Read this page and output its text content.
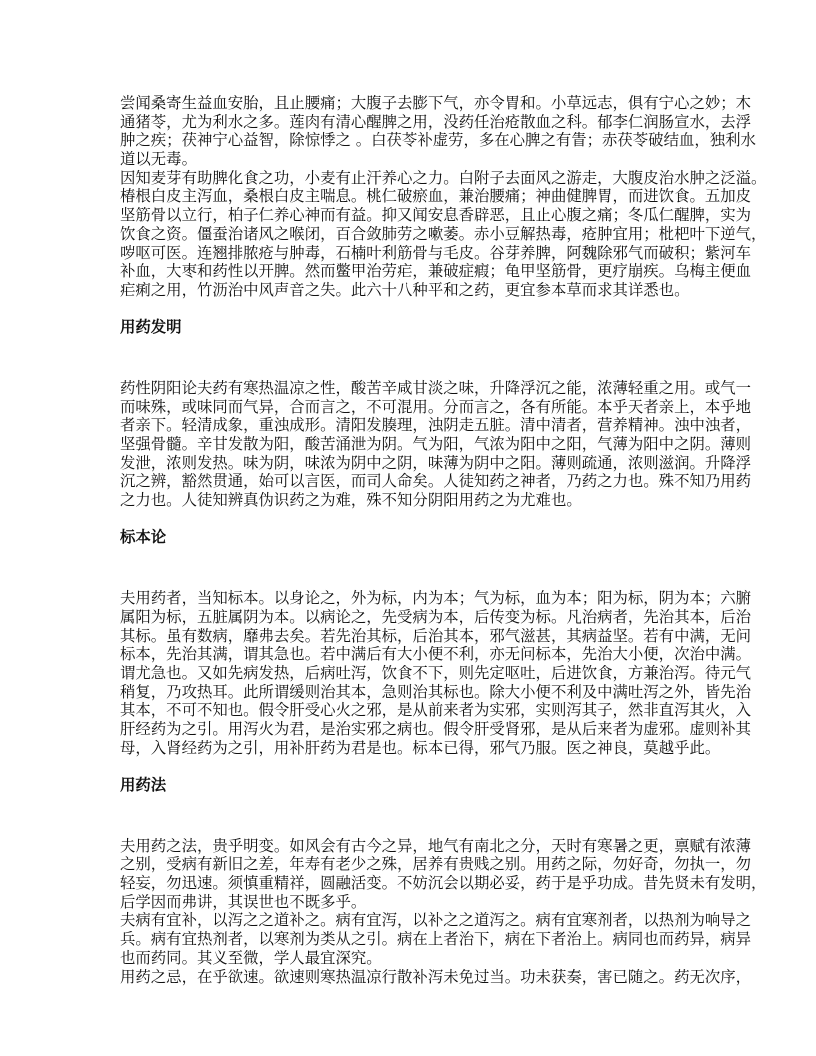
尝闻桑寄生益血安胎，且止腰痛；大腹子去膨下气，亦令胃和。小草远志，俱有宁心之妙；木
通猪苓，尤为利水之多。莲肉有清心醒脾之用，没药任治疮散血之科。郁李仁润肠宣水，去浮
肿之疾；茯神宁心益智，除惊悸之 。白茯苓补虚劳，多在心脾之有眚；赤茯苓破结血，独利水
道以无毒。
因知麦芽有助脾化食之功，小麦有止汗养心之力。白附子去面风之游走，大腹皮治水肿之泛溢。
椿根白皮主泻血，桑根白皮主喘息。桃仁破瘀血，兼治腰痛；神曲健脾胃，而进饮食。五加皮
坚筋骨以立行，柏子仁养心神而有益。抑又闻安息香辟恶，且止心腹之痛；冬瓜仁醒脾，实为
饮食之资。僵蚕治诸风之喉闭，百合敛肺劳之嗽萎。赤小豆解热毒，疮肿宜用；枇杷叶下逆气，
哕呕可医。连翘排脓疮与肿毒，石楠叶利筋骨与毛皮。谷芽养脾，阿魏除邪气而破积；紫河车
补血，大枣和药性以开脾。然而鳖甲治劳疟，兼破症瘕；龟甲坚筋骨，更疗崩疾。乌梅主便血
疟痢之用，竹沥治中风声音之失。此六十八种平和之药，更宜参本草而求其详悉也。
用药发明
药性阴阳论夫药有寒热温凉之性，酸苦辛咸甘淡之味，升降浮沉之能，浓薄轻重之用。或气一
而味殊，或味同而气异，合而言之，不可混用。分而言之，各有所能。本乎天者亲上，本乎地
者亲下。轻清成象，重浊成形。清阳发腠理，浊阴走五脏。清中清者，营养精神。浊中浊者，
坚强骨髓。辛甘发散为阳，酸苦涌泄为阴。气为阳，气浓为阳中之阳，气薄为阳中之阴。薄则
发泄，浓则发热。味为阴，味浓为阴中之阴，味薄为阴中之阳。薄则疏通，浓则滋润。升降浮
沉之辨，豁然贯通，始可以言医，而司人命矣。人徒知药之神者，乃药之力也。殊不知乃用药
之力也。人徒知辨真伪识药之为难，殊不知分阴阳用药之为尤难也。
标本论
夫用药者，当知标本。以身论之，外为标，内为本；气为标，血为本；阳为标，阴为本；六腑
属阳为标，五脏属阴为本。以病论之，先受病为本，后传变为标。凡治病者，先治其本，后治
其标。虽有数病，靡弗去矣。若先治其标，后治其本，邪气滋甚，其病益坚。若有中满，无问
标本，先治其满，谓其急也。若中满后有大小便不利，亦无问标本，先治大小便，次治中满。
谓尤急也。又如先病发热，后病吐泻，饮食不下，则先定呕吐，后进饮食，方兼治泻。待元气
稍复，乃攻热耳。此所谓缓则治其本，急则治其标也。除大小便不利及中满吐泻之外，皆先治
其本，不可不知也。假令肝受心火之邪，是从前来者为实邪，实则泻其子，然非直泻其火，入
肝经药为之引。用泻火为君，是治实邪之病也。假令肝受肾邪，是从后来者为虚邪。虚则补其
母，入肾经药为之引，用补肝药为君是也。标本已得，邪气乃服。医之神良，莫越乎此。
用药法
夫用药之法，贵乎明变。如风会有古今之异，地气有南北之分，天时有寒暑之更，禀赋有浓薄
之别，受病有新旧之差，年寿有老少之殊，居养有贵贱之别。用药之际，勿好奇，勿执一，勿
轻妄，勿迅速。须慎重精祥，圆融活变。不妨沉会以期必妥，药于是乎功成。昔先贤未有发明，
后学因而弗讲，其误世也不既多乎。
夫病有宜补，以泻之之道补之。病有宜泻，以补之之道泻之。病有宜寒剂者，以热剂为响导之
兵。病有宜热剂者，以寒剂为类从之引。病在上者治下，病在下者治上。病同也而药异，病异
也而药同。其义至微，学人最宜深究。
用药之忌，在乎欲速。欲速则寒热温凉行散补泻未免过当。功未获奏，害已随之。药无次序，
